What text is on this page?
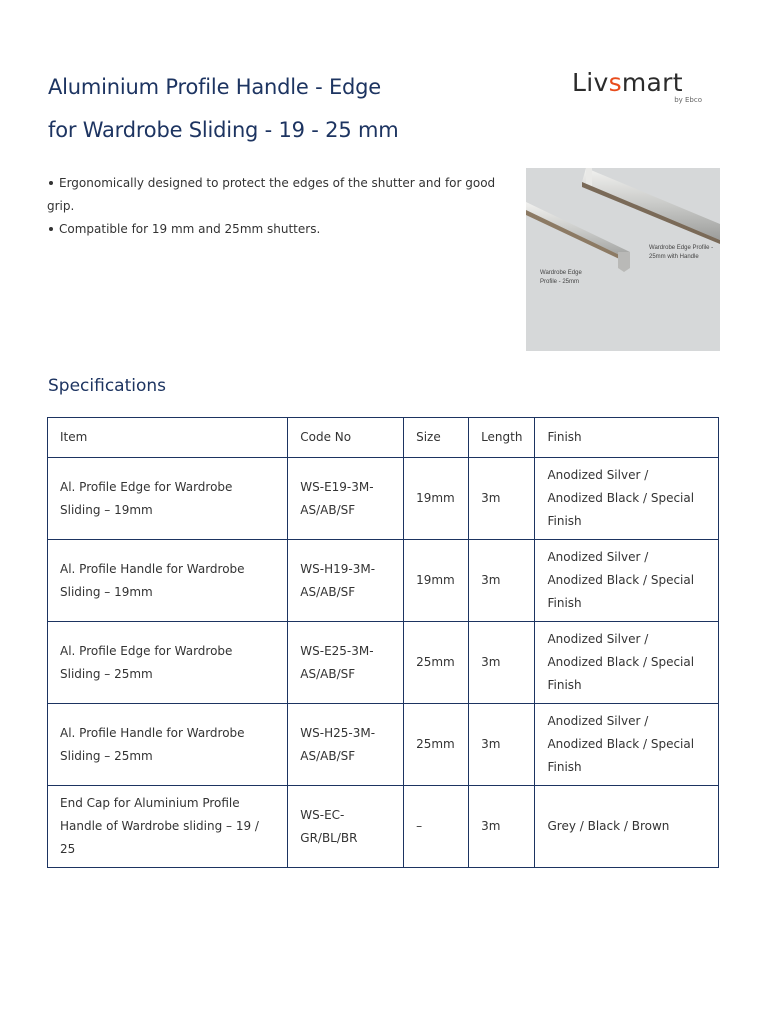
Aluminium Profile Handle - Edge
for Wardrobe Sliding - 19 - 25 mm
Livsmart
by Ebco
Ergonomically designed to protect the edges of the shutter and for good grip.
Compatible for 19 mm and 25mm shutters.
Wardrobe Edge Profile - 25mm with Handle
Wardrobe Edge Profile - 25mm
Specifications
Item	Code No	Size	Length	Finish
Al. Profile Edge for Wardrobe Sliding – 19mm	WS-E19-3M-AS/AB/SF	19mm	3m	Anodized Silver / Anodized Black / Special Finish
Al. Profile Handle for Wardrobe Sliding – 19mm	WS-H19-3M-AS/AB/SF	19mm	3m	Anodized Silver / Anodized Black / Special Finish
Al. Profile Edge for Wardrobe Sliding – 25mm	WS-E25-3M-AS/AB/SF	25mm	3m	Anodized Silver / Anodized Black / Special Finish
Al. Profile Handle for Wardrobe Sliding – 25mm	WS-H25-3M-AS/AB/SF	25mm	3m	Anodized Silver / Anodized Black / Special Finish
End Cap for Aluminium Profile Handle of Wardrobe sliding – 19 / 25	WS-EC-GR/BL/BR	–	3m	Grey / Black / Brown
